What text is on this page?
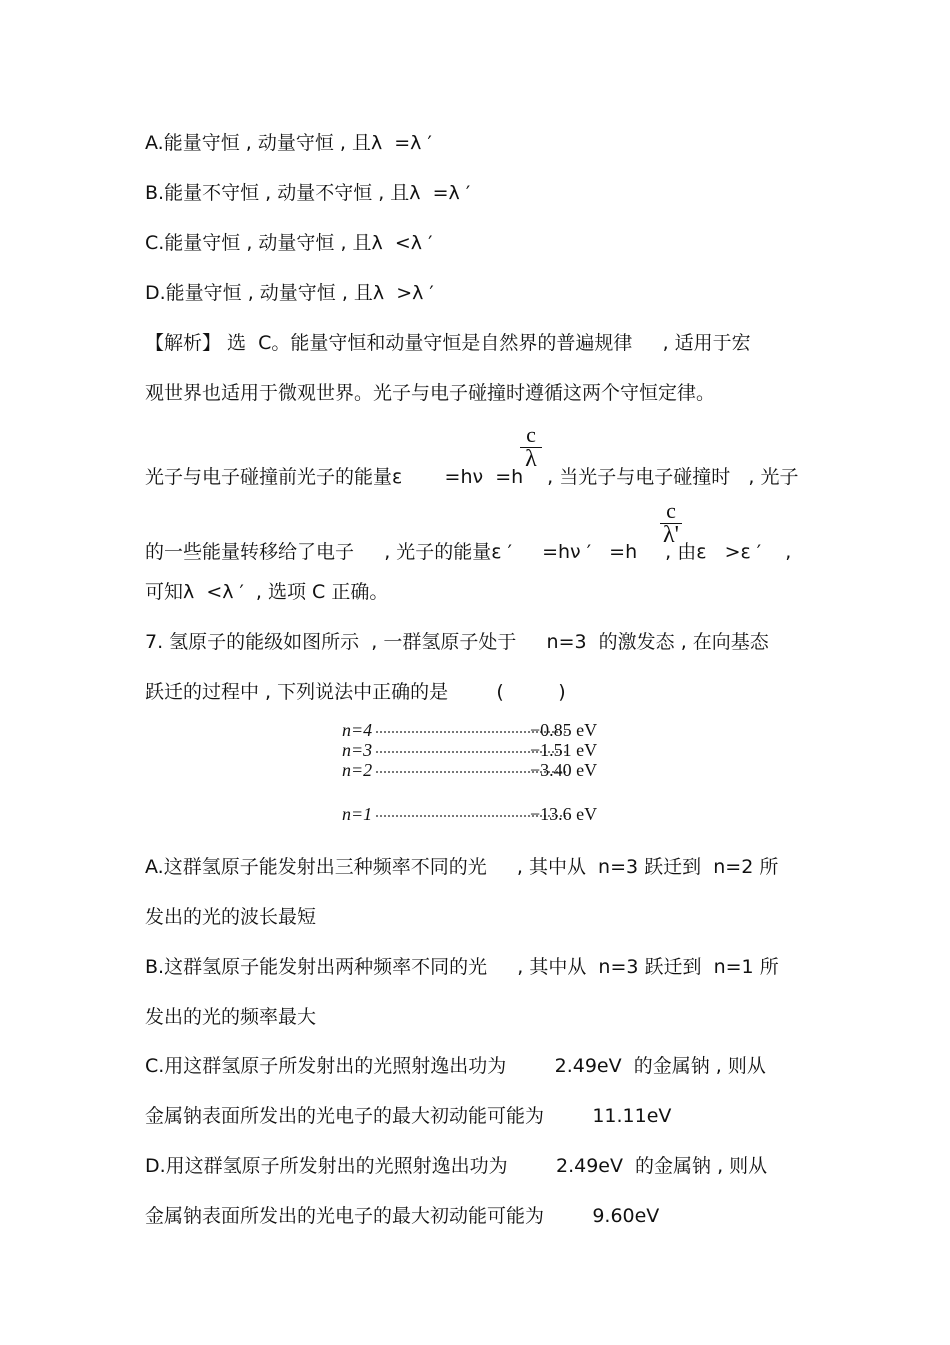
A.能量守恒 , 动量守恒 , 且λ  =λ ′
B.能量不守恒 , 动量不守恒 , 且λ  =λ ′
C.能量守恒 , 动量守恒 , 且λ  <λ ′
D.能量守恒 , 动量守恒 , 且λ  >λ ′
【解析】 选  C。能量守恒和动量守恒是自然界的普遍规律     , 适用于宏
观世界也适用于微观世界。光子与电子碰撞时遵循这两个守恒定律。
光子与电子碰撞前光子的能量ε       =hν  =h , 当光子与电子碰撞时   , 光子
c
λ
的一些能量转移给了电子     , 光子的能量ε ′     =hν ′   =h , 由ε   >ε ′    ,
c
λ'
可知λ  <λ ′  , 选项 C 正确。
7. 氢原子的能级如图所示  , 一群氢原子处于     n=3  的激发态 , 在向基态
跃迁的过程中 , 下列说法中正确的是        (         )
n=4	−0.85 eV
n=3	−1.51 eV
n=2	−3.40 eV
n=1	−13.6 eV
A.这群氢原子能发射出三种频率不同的光     , 其中从  n=3 跃迁到  n=2 所
发出的光的波长最短
B.这群氢原子能发射出两种频率不同的光     , 其中从  n=3 跃迁到  n=1 所
发出的光的频率最大
C.用这群氢原子所发射出的光照射逸出功为        2.49eV  的金属钠 , 则从
金属钠表面所发出的光电子的最大初动能可能为        11.11eV
D.用这群氢原子所发射出的光照射逸出功为        2.49eV  的金属钠 , 则从
金属钠表面所发出的光电子的最大初动能可能为        9.60eV
